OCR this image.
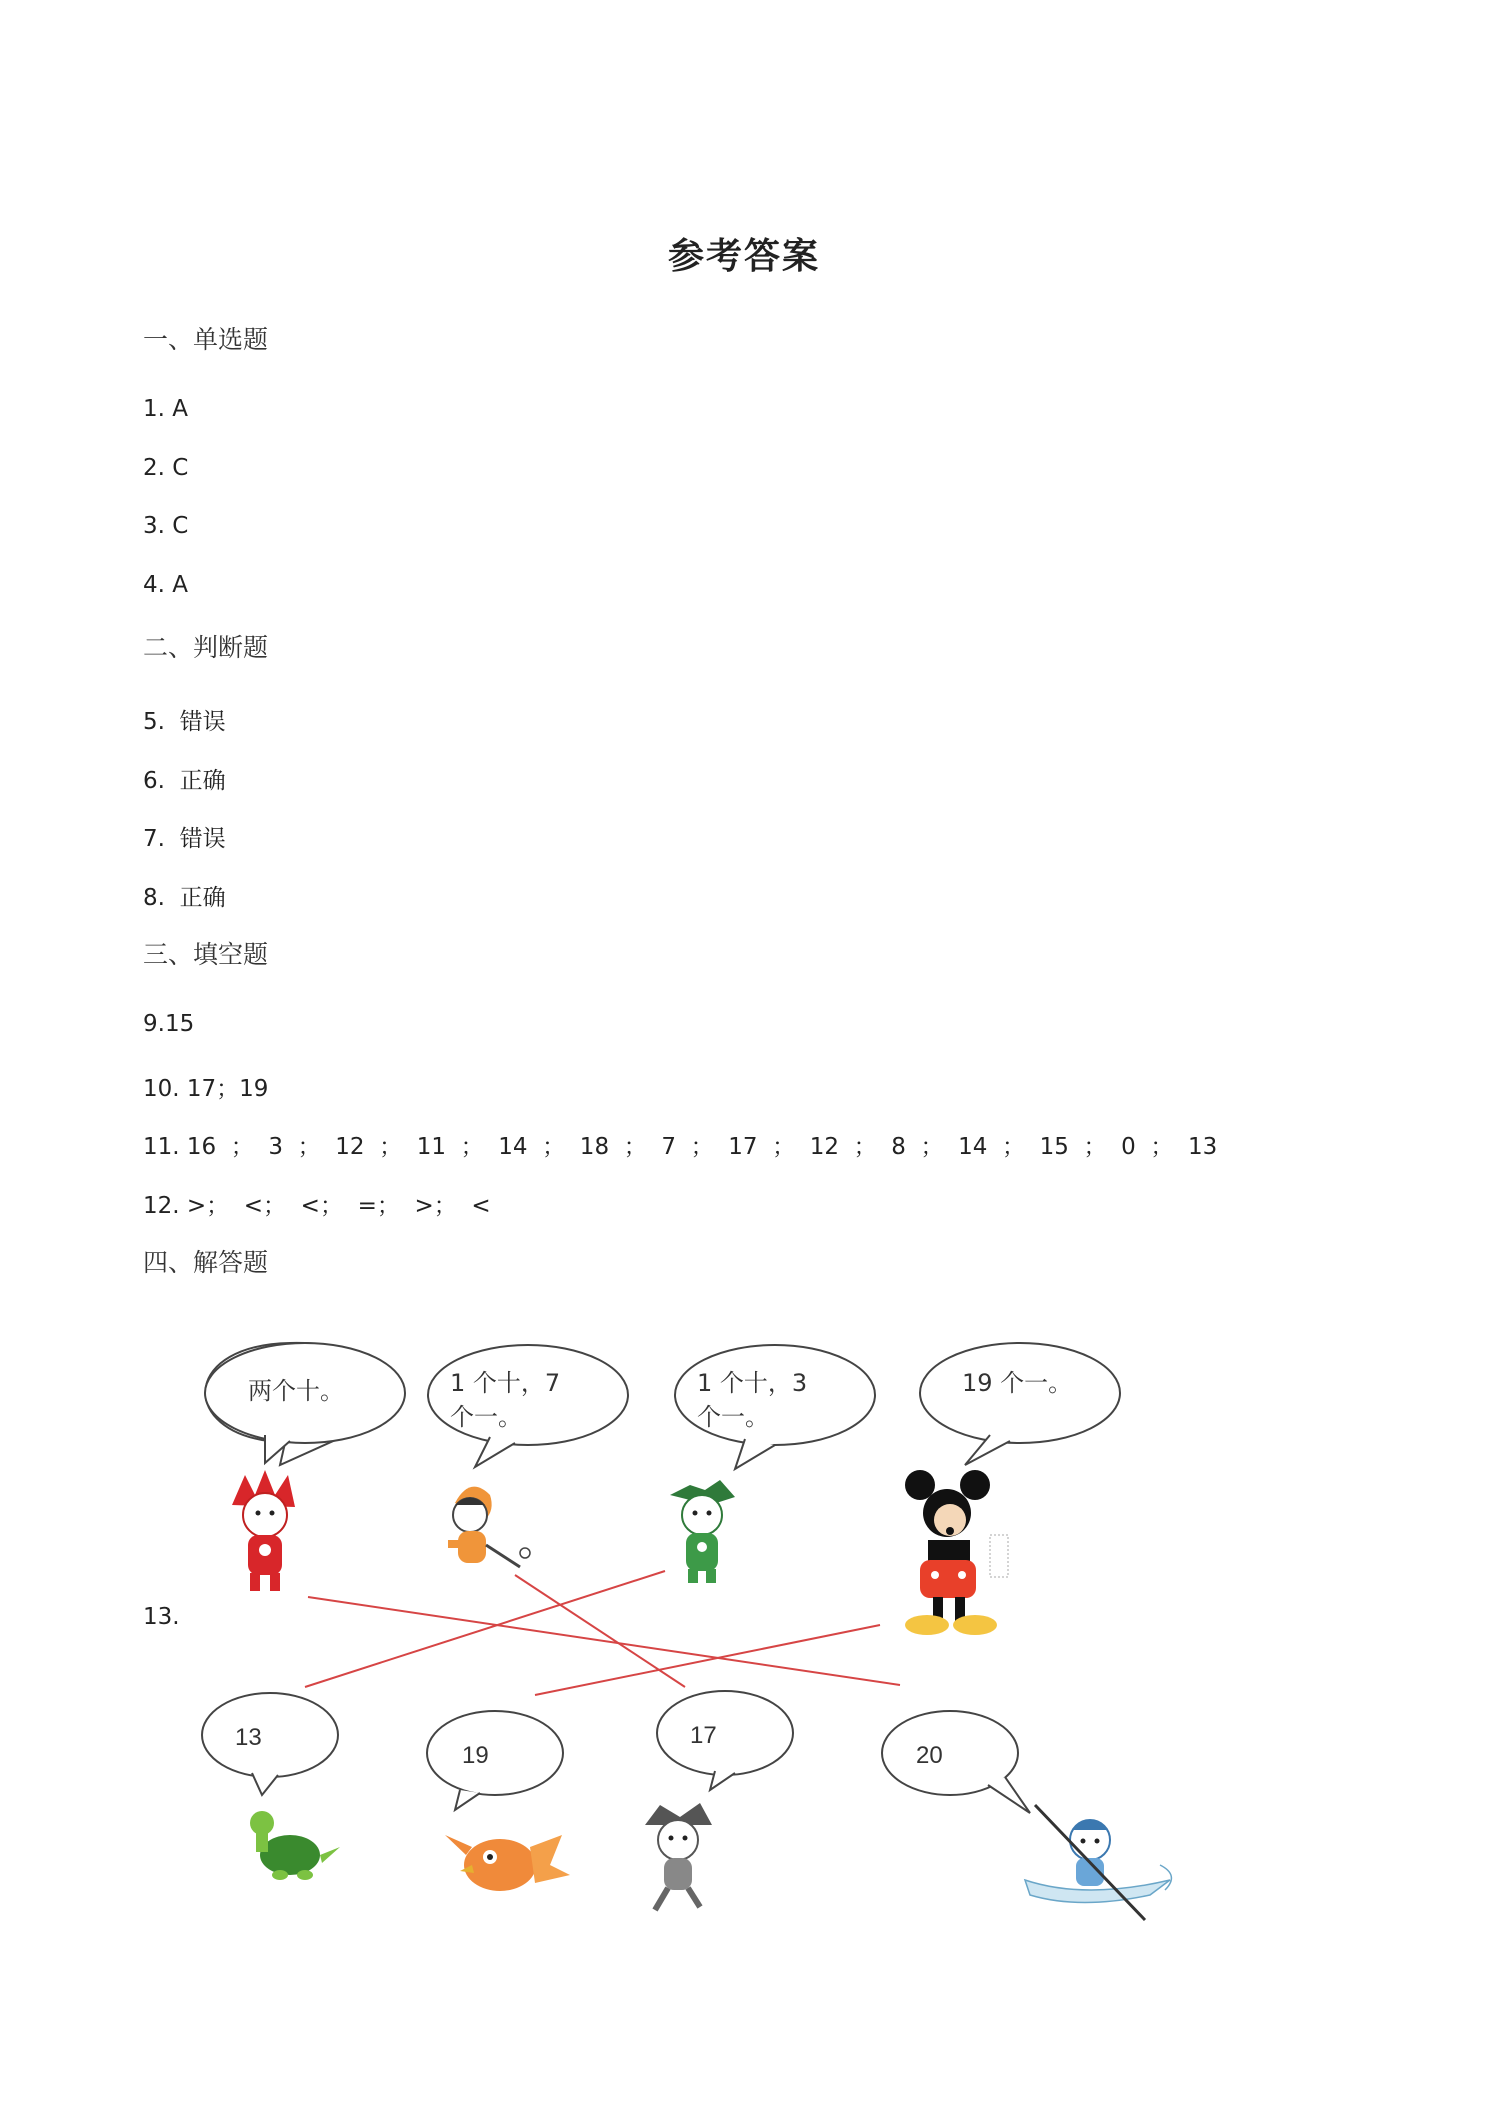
参考答案
一、单选题
1. A
2. C
3. C
4. A
二、判断题
5.  错误
6.  正确
7.  错误
8.  正确
三、填空题
9.15
10. 17；19
11. 16  ；  3  ；  12  ；  11  ；  14  ；  18  ；  7  ；  17  ；  12  ；  8  ；  14  ；  15  ；  0  ；  13
12. >；  <；  <；  =；  >；  <
四、解答题
13.
两个十。	1 个十，7
个一。
1 个十，3
个一。
19 个一。
13
19
17
20
